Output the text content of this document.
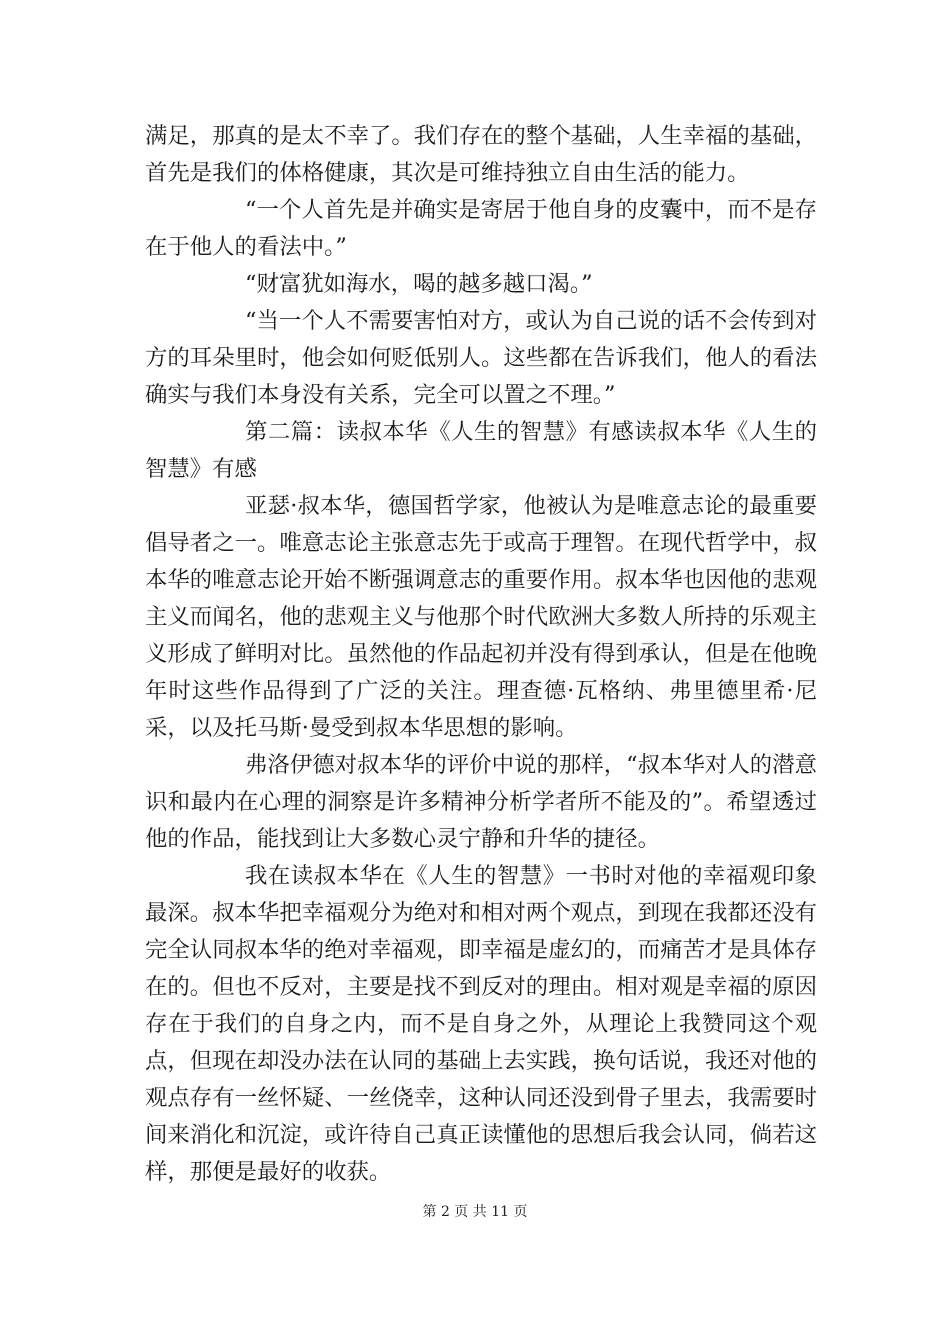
满足，那真的是太不幸了。我们存在的整个基础，人生幸福的基础，首先是我们的体格健康，其次是可维持独立自由生活的能力。

“一个人首先是并确实是寄居于他自身的皮囊中，而不是存在于他人的看法中。”

“财富犹如海水，喝的越多越口渴。”

“当一个人不需要害怕对方，或认为自己说的话不会传到对方的耳朵里时，他会如何贬低别人。这些都在告诉我们，他人的看法确实与我们本身没有关系，完全可以置之不理。”

第二篇：读叔本华《人生的智慧》有感读叔本华《人生的智慧》有感

亚瑟·叔本华，德国哲学家，他被认为是唯意志论的最重要倡导者之一。唯意志论主张意志先于或高于理智。在现代哲学中，叔本华的唯意志论开始不断强调意志的重要作用。叔本华也因他的悲观主义而闻名，他的悲观主义与他那个时代欧洲大多数人所持的乐观主义形成了鲜明对比。虽然他的作品起初并没有得到承认，但是在他晚年时这些作品得到了广泛的关注。理查德·瓦格纳、弗里德里希·尼采，以及托马斯·曼受到叔本华思想的影响。

弗洛伊德对叔本华的评价中说的那样，“叔本华对人的潜意识和最内在心理的洞察是许多精神分析学者所不能及的”。希望透过他的作品，能找到让大多数心灵宁静和升华的捷径。

我在读叔本华在《人生的智慧》一书时对他的幸福观印象最深。叔本华把幸福观分为绝对和相对两个观点，到现在我都还没有完全认同叔本华的绝对幸福观，即幸福是虚幻的，而痛苦才是具体存在的。但也不反对，主要是找不到反对的理由。相对观是幸福的原因存在于我们的自身之内，而不是自身之外，从理论上我赞同这个观点，但现在却没办法在认同的基础上去实践，换句话说，我还对他的观点存有一丝怀疑、一丝侥幸，这种认同还没到骨子里去，我需要时间来消化和沉淀，或许待自己真正读懂他的思想后我会认同，倘若这样，那便是最好的收获。

第 2 页 共 11 页
